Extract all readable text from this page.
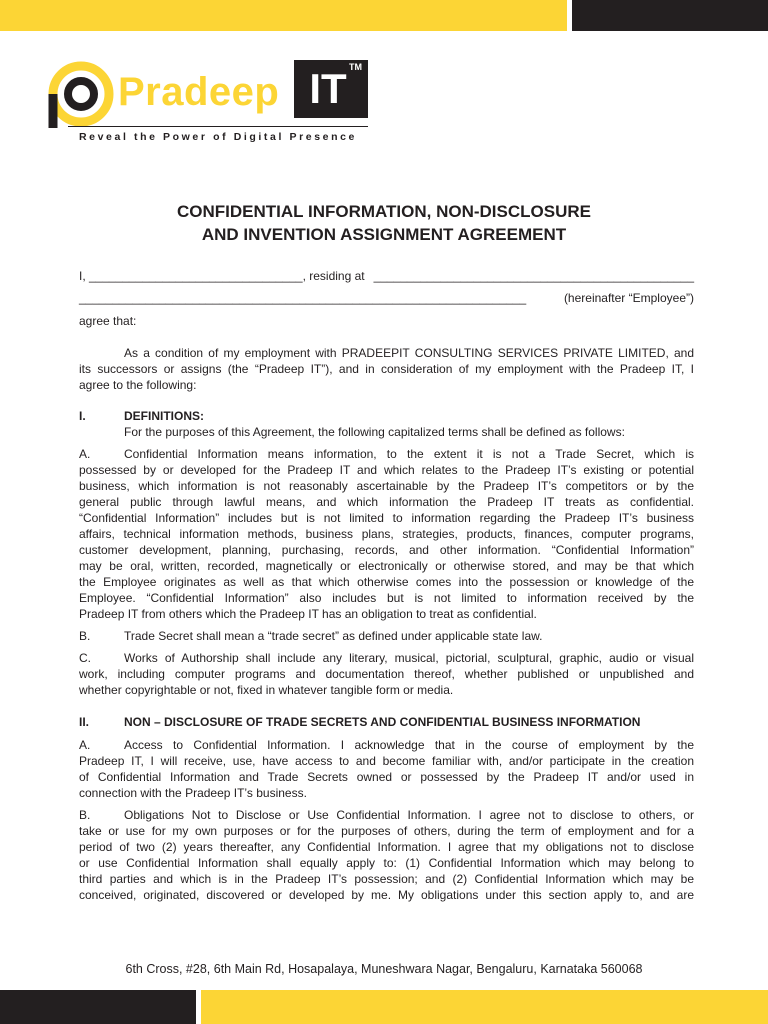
Pradeep IT TM
Reveal the Power of Digital Presence
CONFIDENTIAL INFORMATION, NON-DISCLOSURE
AND INVENTION ASSIGNMENT AGREEMENT
I, ________________________________, residing at ________________________________________________
___________________________________________________________________	(hereinafter “Employee”)
agree that:
As a condition of my employment with PRADEEPIT CONSULTING SERVICES PRIVATE LIMITED, and
its successors or assigns (the “Pradeep IT”), and in consideration of my employment with the Pradeep IT, I
agree to the following:
I.	DEFINITIONS:
For the purposes of this Agreement, the following capitalized terms shall be defined as follows:
A.	Confidential Information means information, to the extent it is not a Trade Secret, which is
possessed by or developed for the Pradeep IT and which relates to the Pradeep IT’s existing or potential
business, which information is not reasonably ascertainable by the Pradeep IT’s competitors or by the
general public through lawful means, and which information the Pradeep IT treats as confidential.
“Confidential Information” includes but is not limited to information regarding the Pradeep IT’s business
affairs, technical information methods, business plans, strategies, products, finances, computer programs,
customer development, planning, purchasing, records, and other information. “Confidential Information”
may be oral, written, recorded, magnetically or electronically or otherwise stored, and may be that which
the Employee originates as well as that which otherwise comes into the possession or knowledge of the
Employee. “Confidential Information” also includes but is not limited to information received by the
Pradeep IT from others which the Pradeep IT has an obligation to treat as confidential.
B.	Trade Secret shall mean a “trade secret” as defined under applicable state law.
C.	Works of Authorship shall include any literary, musical, pictorial, sculptural, graphic, audio or visual
work, including computer programs and documentation thereof, whether published or unpublished and
whether copyrightable or not, fixed in whatever tangible form or media.
II.	NON – DISCLOSURE OF TRADE SECRETS AND CONFIDENTIAL BUSINESS INFORMATION
A.	Access to Confidential Information. I acknowledge that in the course of employment by the
Pradeep IT, I will receive, use, have access to and become familiar with, and/or participate in the creation
of Confidential Information and Trade Secrets owned or possessed by the Pradeep IT and/or used in
connection with the Pradeep IT’s business.
B.	Obligations Not to Disclose or Use Confidential Information. I agree not to disclose to others, or
take or use for my own purposes or for the purposes of others, during the term of employment and for a
period of two (2) years thereafter, any Confidential Information. I agree that my obligations not to disclose
or use Confidential Information shall equally apply to: (1) Confidential Information which may belong to
third parties and which is in the Pradeep IT’s possession; and (2) Confidential Information which may be
conceived, originated, discovered or developed by me. My obligations under this section apply to, and are
6th Cross, #28, 6th Main Rd, Hosapalaya, Muneshwara Nagar, Bengaluru, Karnataka 560068
